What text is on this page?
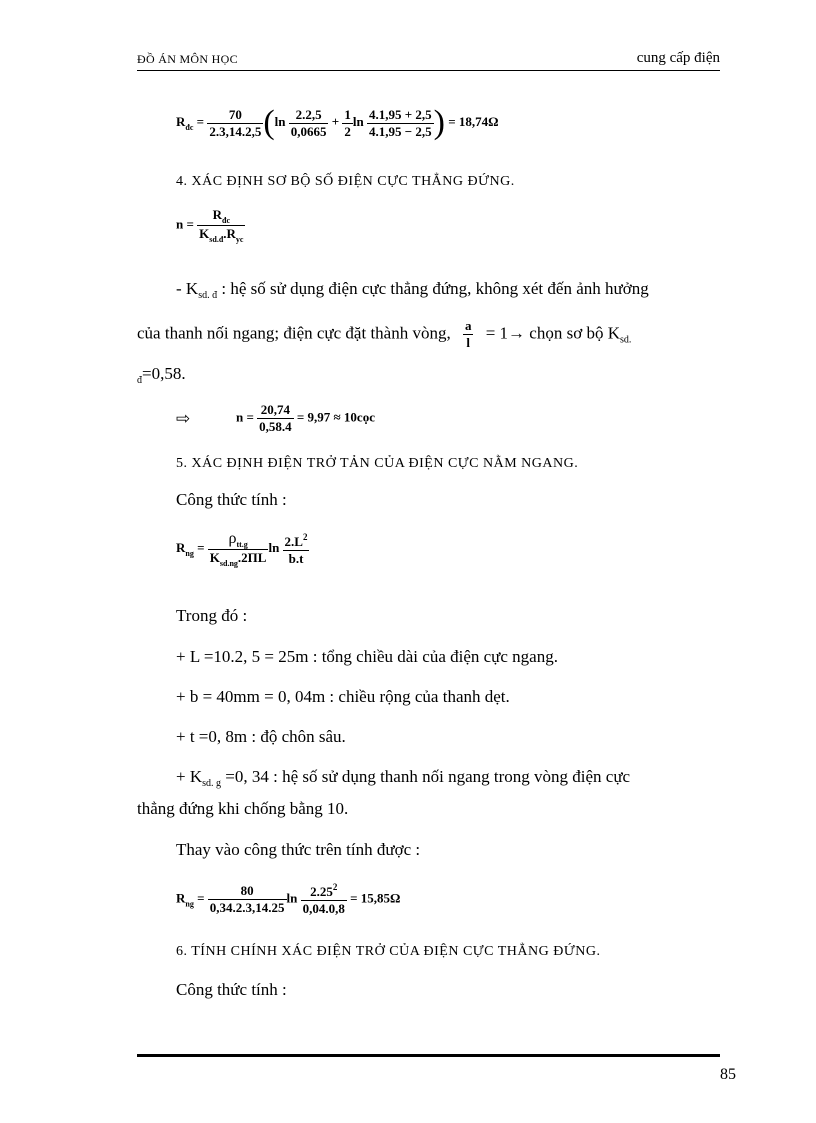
ĐỒ ÁN MÔN HỌC	cung cấp điện
$R_{đc} = \frac{70}{2.3,14.2,5} (\ln \frac{2.2,5}{0,0665} + \frac{1}{2}$ $\ln \frac{4.1,95 + 2,5}{4.1,95 - 2,5}$ ) = 18,74Ω
4. XÁC ĐỊNH SƠ BỘ SỐ ĐIỆN CỰC THẲNG ĐỨNG.
$n = \frac{R_{đc}}{K_{sd.đ}.R_{yc}}$
- $K_{sd. đ}$ : hệ số sử dụng điện cực thẳng đứng, không xét đến ảnh hưởng
của thanh nối ngang; điện cực đặt thành vòng, $\frac{a}{l} = 1\to$ chọn sơ bộ $K_{sd.}$
$_đ$=0,58.
⇨	$n = \frac{20,74}{0,58.4} = 9,97$ ≈ 10cọc
5. XÁC ĐỊNH ĐIỆN TRỞ TẢN CỦA ĐIỆN CỰC NẰM NGANG.
Công thức tính :
$R_{ng} = \frac{\rho_{tt.g}}{K_{sd.ng}.2\Pi L}$ $\ln \frac{2.L^2}{b.t}$
Trong đó :
+ L =10.2, 5 = 25m : tổng chiều dài của điện cực ngang.
+ b = 40mm = 0, 04m : chiều rộng của thanh dẹt.
+ t =0, 8m : độ chôn sâu.
+ $K_{sd. g} =0$, 34 : hệ số sử dụng thanh nối ngang trong vòng điện cực
thẳng đứng khi chống bằng 10.
Thay vào công thức trên tính được :
$R_{ng} = \frac{80}{0,34.2.3,14.25}$ $\ln \frac{2.25^2}{0,04.0,8} = 15,85\Omega$
6. TÍNH CHÍNH XÁC ĐIỆN TRỞ CỦA ĐIỆN CỰC THẲNG ĐỨNG.
Công thức tính :
85
